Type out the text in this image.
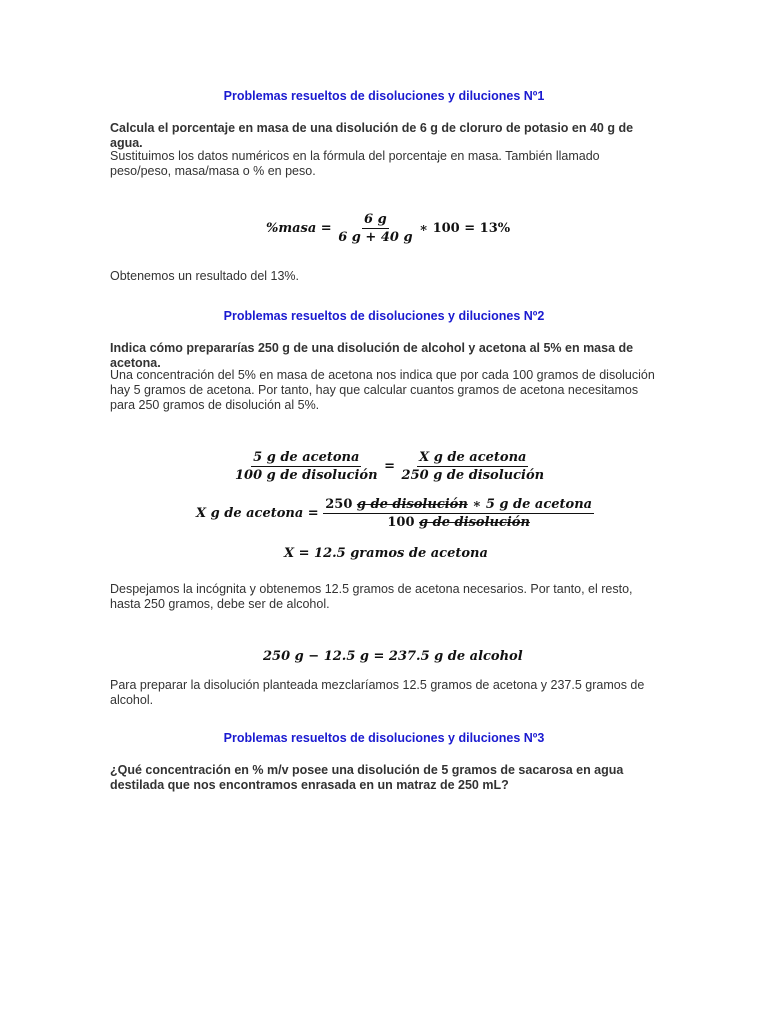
Problemas resueltos de disoluciones y diluciones Nº1
Calcula el porcentaje en masa de una disolución de 6 g de cloruro de potasio en 40 g de agua.
Sustituimos los datos numéricos en la fórmula del porcentaje en masa. También llamado peso/peso, masa/masa o % en peso.
%masa = $\frac{6 g}{6 g + 40 g}$ ∗ 100 = 13%
Obtenemos un resultado del 13%.
Problemas resueltos de disoluciones y diluciones Nº2
Indica cómo prepararías 250 g de una disolución de alcohol y acetona al 5% en masa de acetona.
Una concentración del 5% en masa de acetona nos indica que por cada 100 gramos de disolución hay 5 gramos de acetona. Por tanto, hay que calcular cuantos gramos de acetona necesitamos para 250 gramos de disolución al 5%.
$\frac{\text{5 g de acetona}}{\text{100 g de disolución}} = \frac{\text{X g de acetona}}{\text{250 g de disolución}}$
X g de acetona = $\frac{\text{250 g de disolución ∗ 5 g de acetona}}{\text{100 g de disolución}}$
X = 12.5 gramos de acetona
Despejamos la incógnita y obtenemos 12.5 gramos de acetona necesarios. Por tanto, el resto, hasta 250 gramos, debe ser de alcohol.
250 g − 12.5 g = 237.5 g de alcohol
Para preparar la disolución planteada mezclaríamos 12.5 gramos de acetona y 237.5 gramos de alcohol.
Problemas resueltos de disoluciones y diluciones Nº3
¿Qué concentración en % m/v posee una disolución de 5 gramos de sacarosa en agua destilada que nos encontramos enrasada en un matraz de 250 mL?
